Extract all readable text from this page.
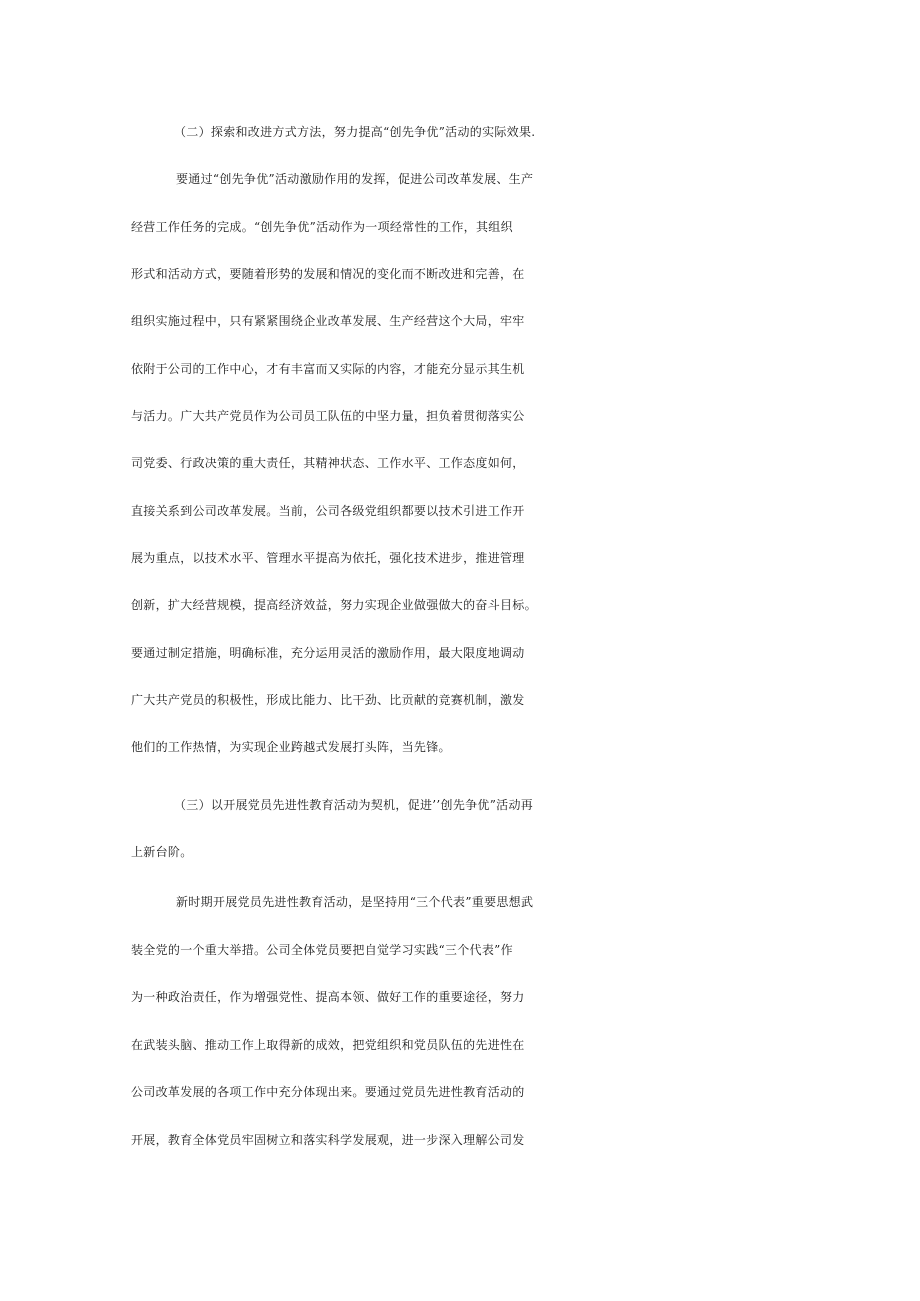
（二）探索和改进方式方法，努力提高“创先争优”活动的实际效果.
要通过“创先争优”活动激励作用的发挥，促进公司改革发展、生产
经营工作任务的完成。“创先争优”活动作为一项经常性的工作，其组织
形式和活动方式，要随着形势的发展和情况的变化而不断改进和完善，在
组织实施过程中，只有紧紧围绕企业改革发展、生产经营这个大局，牢牢
依附于公司的工作中心，才有丰富而又实际的内容，才能充分显示其生机
与活力。广大共产党员作为公司员工队伍的中坚力量，担负着贯彻落实公
司党委、行政决策的重大责任，其精神状态、工作水平、工作态度如何，
直接关系到公司改革发展。当前，公司各级党组织都要以技术引进工作开
展为重点，以技术水平、管理水平提高为依托，强化技术进步，推进管理
创新，扩大经营规模，提高经济效益，努力实现企业做强做大的奋斗目标。
要通过制定措施，明确标准，充分运用灵活的激励作用，最大限度地调动
广大共产党员的积极性，形成比能力、比干劲、比贡献的竞赛机制，激发
他们的工作热情，为实现企业跨越式发展打头阵，当先锋。
（三）以开展党员先进性教育活动为契机，促进’’创先争优”活动再
上新台阶。
新时期开展党员先进性教育活动，是坚持用“三个代表”重要思想武
装全党的一个重大举措。公司全体党员要把自觉学习实践“三个代表”作
为一种政治责任，作为增强党性、提高本领、做好工作的重要途径，努力
在武装头脑、推动工作上取得新的成效，把党组织和党员队伍的先进性在
公司改革发展的各项工作中充分体现出来。要通过党员先进性教育活动的
开展，教育全体党员牢固树立和落实科学发展观，进一步深入理解公司发
